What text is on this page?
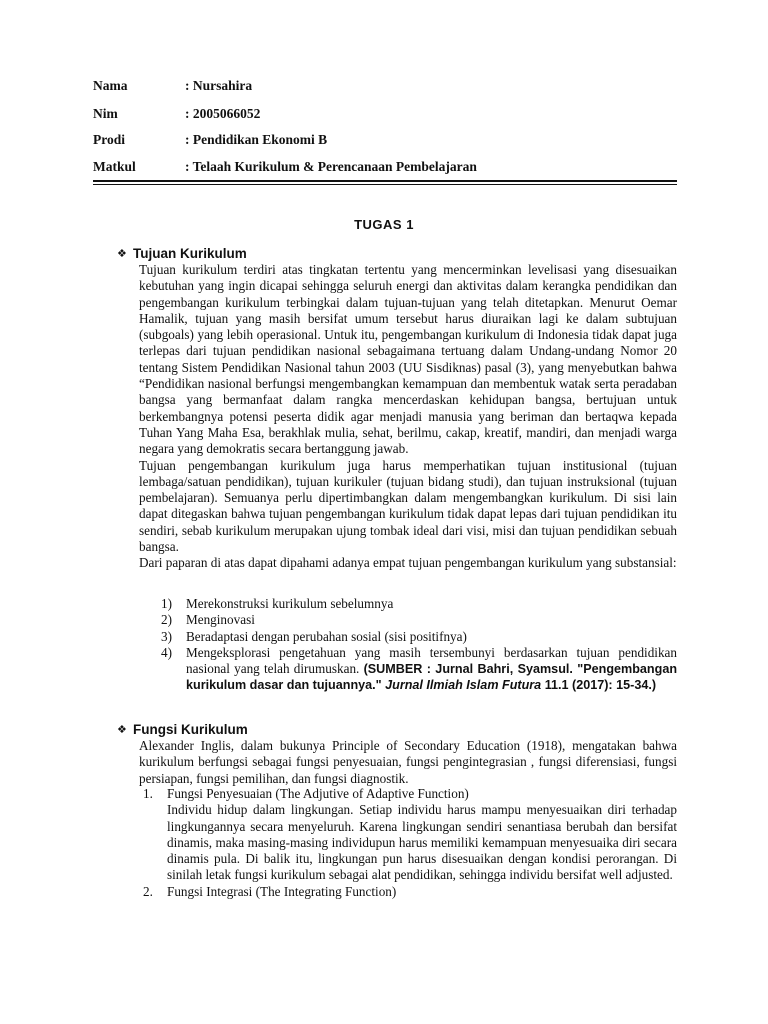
Nama	: Nursahira
Nim	: 2005066052
Prodi	: Pendidikan Ekonomi B
Matkul	: Telaah Kurikulum & Perencanaan Pembelajaran
TUGAS 1
❖ Tujuan Kurikulum

Tujuan kurikulum terdiri atas tingkatan tertentu yang mencerminkan levelisasi yang disesuaikan kebutuhan yang ingin dicapai sehingga seluruh energi dan aktivitas dalam kerangka pendidikan dan pengembangan kurikulum terbingkai dalam tujuan-tujuan yang telah ditetapkan. Menurut Oemar Hamalik, tujuan yang masih bersifat umum tersebut harus diuraikan lagi ke dalam subtujuan (subgoals) yang lebih operasional. Untuk itu, pengembangan kurikulum di Indonesia tidak dapat juga terlepas dari tujuan pendidikan nasional sebagaimana tertuang dalam Undang-undang Nomor 20 tentang Sistem Pendidikan Nasional tahun 2003 (UU Sisdiknas) pasal (3), yang menyebutkan bahwa “Pendidikan nasional berfungsi mengembangkan kemampuan dan membentuk watak serta peradaban bangsa yang bermanfaat dalam rangka mencerdaskan kehidupan bangsa, bertujuan untuk berkembangnya potensi peserta didik agar menjadi manusia yang beriman dan bertaqwa kepada Tuhan Yang Maha Esa, berakhlak mulia, sehat, berilmu, cakap, kreatif, mandiri, dan menjadi warga negara yang demokratis secara bertanggung jawab.

Tujuan pengembangan kurikulum juga harus memperhatikan tujuan institusional (tujuan lembaga/satuan pendidikan), tujuan kurikuler (tujuan bidang studi), dan tujuan instruksional (tujuan pembelajaran). Semuanya perlu dipertimbangkan dalam mengembangkan kurikulum. Di sisi lain dapat ditegaskan bahwa tujuan pengembangan kurikulum tidak dapat lepas dari tujuan pendidikan itu sendiri, sebab kurikulum merupakan ujung tombak ideal dari visi, misi dan tujuan pendidikan sebuah bangsa.

Dari paparan di atas dapat dipahami adanya empat tujuan pengembangan kurikulum yang substansial:

1) Merekonstruksi kurikulum sebelumnya
2) Menginovasi
3) Beradaptasi dengan perubahan sosial (sisi positifnya)
4) Mengeksplorasi pengetahuan yang masih tersembunyi berdasarkan tujuan pendidikan nasional yang telah dirumuskan. (SUMBER : Jurnal Bahri, Syamsul. "Pengembangan kurikulum dasar dan tujuannya." Jurnal Ilmiah Islam Futura 11.1 (2017): 15-34.)
❖ Fungsi Kurikulum

Alexander Inglis, dalam bukunya Principle of Secondary Education (1918), mengatakan bahwa kurikulum berfungsi sebagai fungsi penyesuaian, fungsi pengintegrasian , fungsi diferensiasi, fungsi persiapan, fungsi pemilihan, dan fungsi diagnostik.

1. Fungsi Penyesuaian (The Adjutive of Adaptive Function)

Individu hidup dalam lingkungan. Setiap individu harus mampu menyesuaikan diri terhadap lingkungannya secara menyeluruh. Karena lingkungan sendiri senantiasa berubah dan bersifat dinamis, maka masing-masing individupun harus memiliki kemampuan menyesuaika diri secara dinamis pula. Di balik itu, lingkungan pun harus disesuaikan dengan kondisi perorangan. Di sinilah letak fungsi kurikulum sebagai alat pendidikan, sehingga individu bersifat well adjusted.

2. Fungsi Integrasi (The Integrating Function)
